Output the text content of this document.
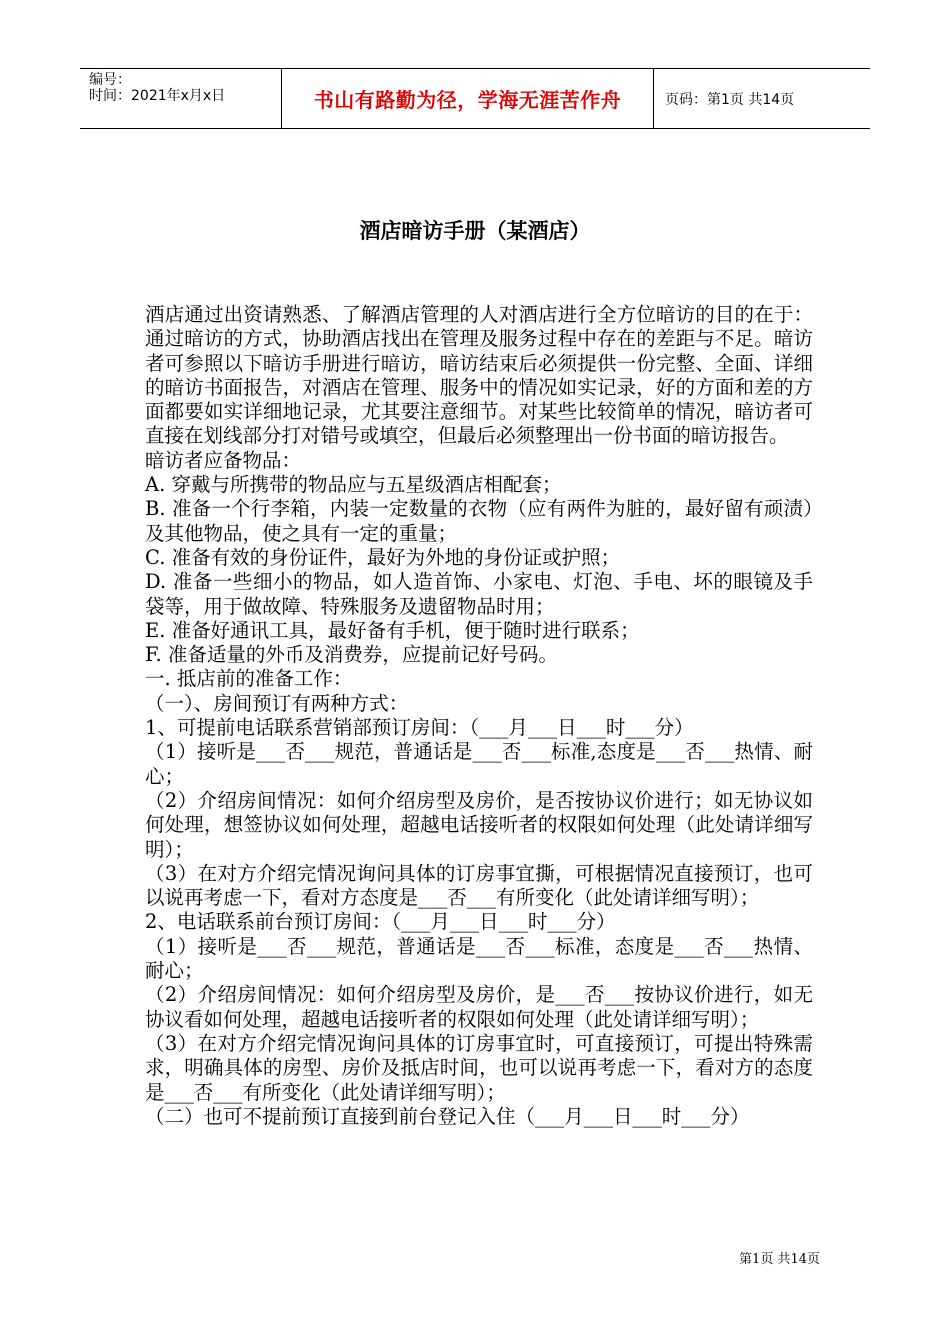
编号：
时间：2021年x月x日	书山有路勤为径，学海无涯苦作舟	页码：第1页 共14页
酒店暗访手册（某酒店）

酒店通过出资请熟悉、了解酒店管理的人对酒店进行全方位暗访的目的在于：通过暗访的方式，协助酒店找出在管理及服务过程中存在的差距与不足。暗访者可参照以下暗访手册进行暗访，暗访结束后必须提供一份完整、全面、详细的暗访书面报告，对酒店在管理、服务中的情况如实记录，好的方面和差的方面都要如实详细地记录，尤其要注意细节。对某些比较简单的情况，暗访者可直接在划线部分打对错号或填空，但最后必须整理出一份书面的暗访报告。

暗访者应备物品：

A. 穿戴与所携带的物品应与五星级酒店相配套；

B. 准备一个行李箱，内装一定数量的衣物（应有两件为脏的，最好留有顽渍）及其他物品，使之具有一定的重量；

C. 准备有效的身份证件，最好为外地的身份证或护照；

D. 准备一些细小的物品，如人造首饰、小家电、灯泡、手电、坏的眼镜及手袋等，用于做故障、特殊服务及遗留物品时用；

E. 准备好通讯工具，最好备有手机，便于随时进行联系；

F. 准备适量的外币及消费券，应提前记好号码。

一. 抵店前的准备工作：

（一）、房间预订有两种方式：

1、可提前电话联系营销部预订房间：（___月___日___时___分）

（1）接听是___否___规范，普通话是___否___标准,态度是___否___热情、耐心；

（2）介绍房间情况：如何介绍房型及房价，是否按协议价进行；如无协议如何处理，想签协议如何处理，超越电话接听者的权限如何处理（此处请详细写明）；

（3）在对方介绍完情况询问具体的订房事宜撕，可根据情况直接预订，也可以说再考虑一下，看对方态度是___否___有所变化（此处请详细写明）；

2、电话联系前台预订房间：（___月___日___时___分）

（1）接听是___否___规范，普通话是___否___标准，态度是___否___热情、耐心；

（2）介绍房间情况：如何介绍房型及房价，是___否___按协议价进行，如无协议看如何处理，超越电话接听者的权限如何处理（此处请详细写明）；

（3）在对方介绍完情况询问具体的订房事宜时，可直接预订，可提出特殊需求，明确具体的房型、房价及抵店时间，也可以说再考虑一下，看对方的态度是___否___有所变化（此处请详细写明）；

（二）也可不提前预订直接到前台登记入住（___月___日___时___分）

第1页 共14页
